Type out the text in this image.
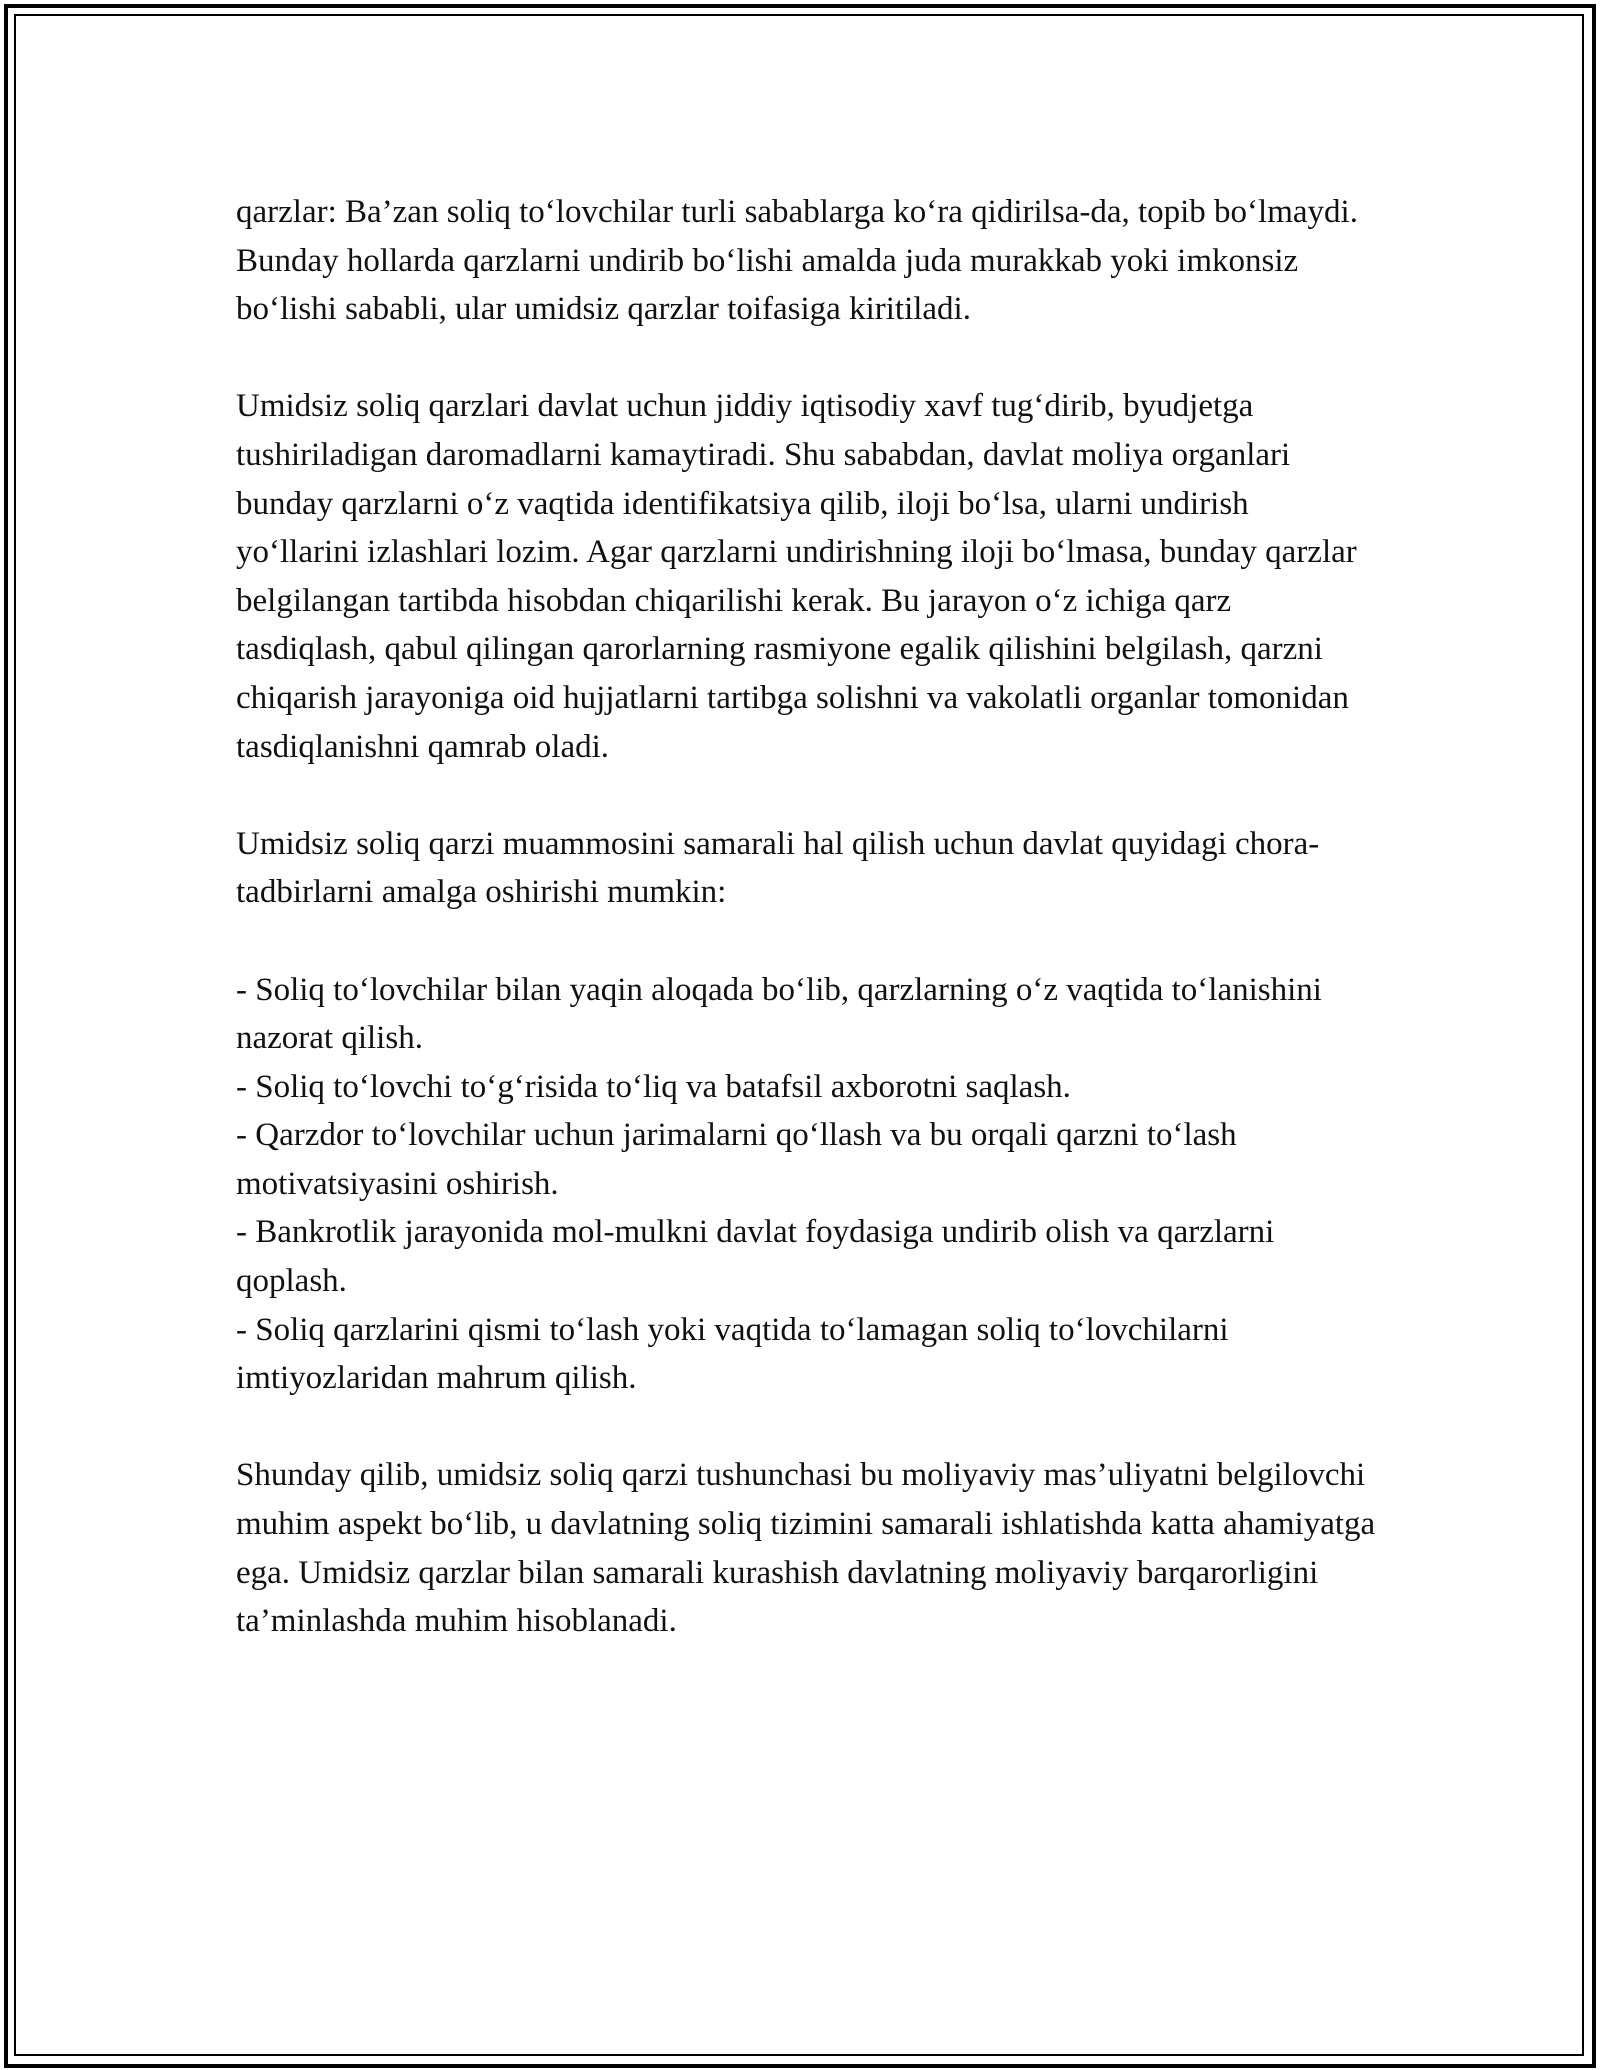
qarzlar: Ba’zan soliq to‘lovchilar turli sabablarga ko‘ra qidirilsa-da, topib bo‘lmaydi. Bunday hollarda qarzlarni undirib bo‘lishi amalda juda murakkab yoki imkonsiz bo‘lishi sababli, ular umidsiz qarzlar toifasiga kiritiladi.

Umidsiz soliq qarzlari davlat uchun jiddiy iqtisodiy xavf tug‘dirib, byudjetga tushiriladigan daromadlarni kamaytiradi. Shu sababdan, davlat moliya organlari bunday qarzlarni o‘z vaqtida identifikatsiya qilib, iloji bo‘lsa, ularni undirish yo‘llarini izlashlari lozim. Agar qarzlarni undirishning iloji bo‘lmasa, bunday qarzlar belgilangan tartibda hisobdan chiqarilishi kerak. Bu jarayon o‘z ichiga qarz tasdiqlash, qabul qilingan qarorlarning rasmiyone egalik qilishini belgilash, qarzni chiqarish jarayoniga oid hujjatlarni tartibga solishni va vakolatli organlar tomonidan tasdiqlanishni qamrab oladi.

Umidsiz soliq qarzi muammosini samarali hal qilish uchun davlat quyidagi chora-tadbirlarni amalga oshirishi mumkin:

- Soliq to‘lovchilar bilan yaqin aloqada bo‘lib, qarzlarning o‘z vaqtida to‘lanishini nazorat qilish.
- Soliq to‘lovchi to‘g‘risida to‘liq va batafsil axborotni saqlash.
- Qarzdor to‘lovchilar uchun jarimalarni qo‘llash va bu orqali qarzni to‘lash motivatsiyasini oshirish.
- Bankrotlik jarayonida mol-mulkni davlat foydasiga undirib olish va qarzlarni qoplash.
- Soliq qarzlarini qismi to‘lash yoki vaqtida to‘lamagan soliq to‘lovchilarni imtiyozlaridan mahrum qilish.

Shunday qilib, umidsiz soliq qarzi tushunchasi bu moliyaviy mas’uliyatni belgilovchi muhim aspekt bo‘lib, u davlatning soliq tizimini samarali ishlatishda katta ahamiyatga ega. Umidsiz qarzlar bilan samarali kurashish davlatning moliyaviy barqarorligini ta’minlashda muhim hisoblanadi.
